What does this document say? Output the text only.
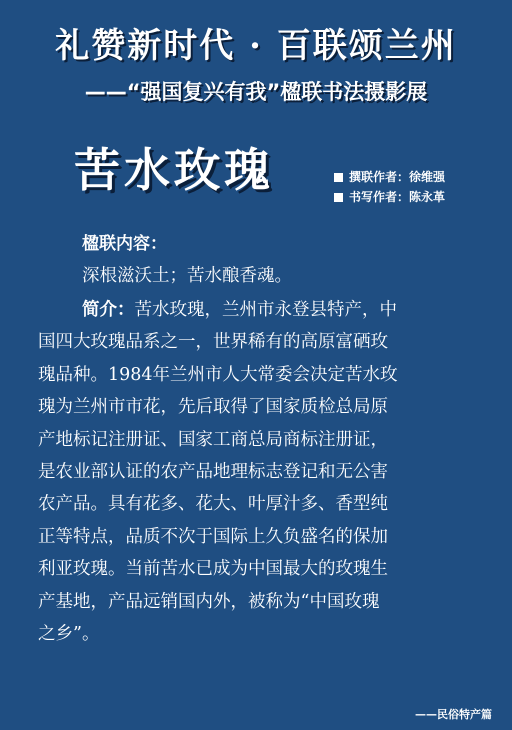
礼赞新时代 · 百联颂兰州
——“强国复兴有我”楹联书法摄影展
苦水玫瑰	撰联作者：徐维强
书写作者：陈永革
楹联内容：
深根滋沃土；苦水酿香魂。
简介：苦水玫瑰，兰州市永登县特产，中
国四大玫瑰品系之一，世界稀有的高原富硒玫
瑰品种。1984年兰州市人大常委会决定苦水玫
瑰为兰州市市花，先后取得了国家质检总局原
产地标记注册证、国家工商总局商标注册证，
是农业部认证的农产品地理标志登记和无公害
农产品。具有花多、花大、叶厚汁多、香型纯
正等特点，品质不次于国际上久负盛名的保加
利亚玫瑰。当前苦水已成为中国最大的玫瑰生
产基地，产品远销国内外，被称为“中国玫瑰
之乡”。
——民俗特产篇
